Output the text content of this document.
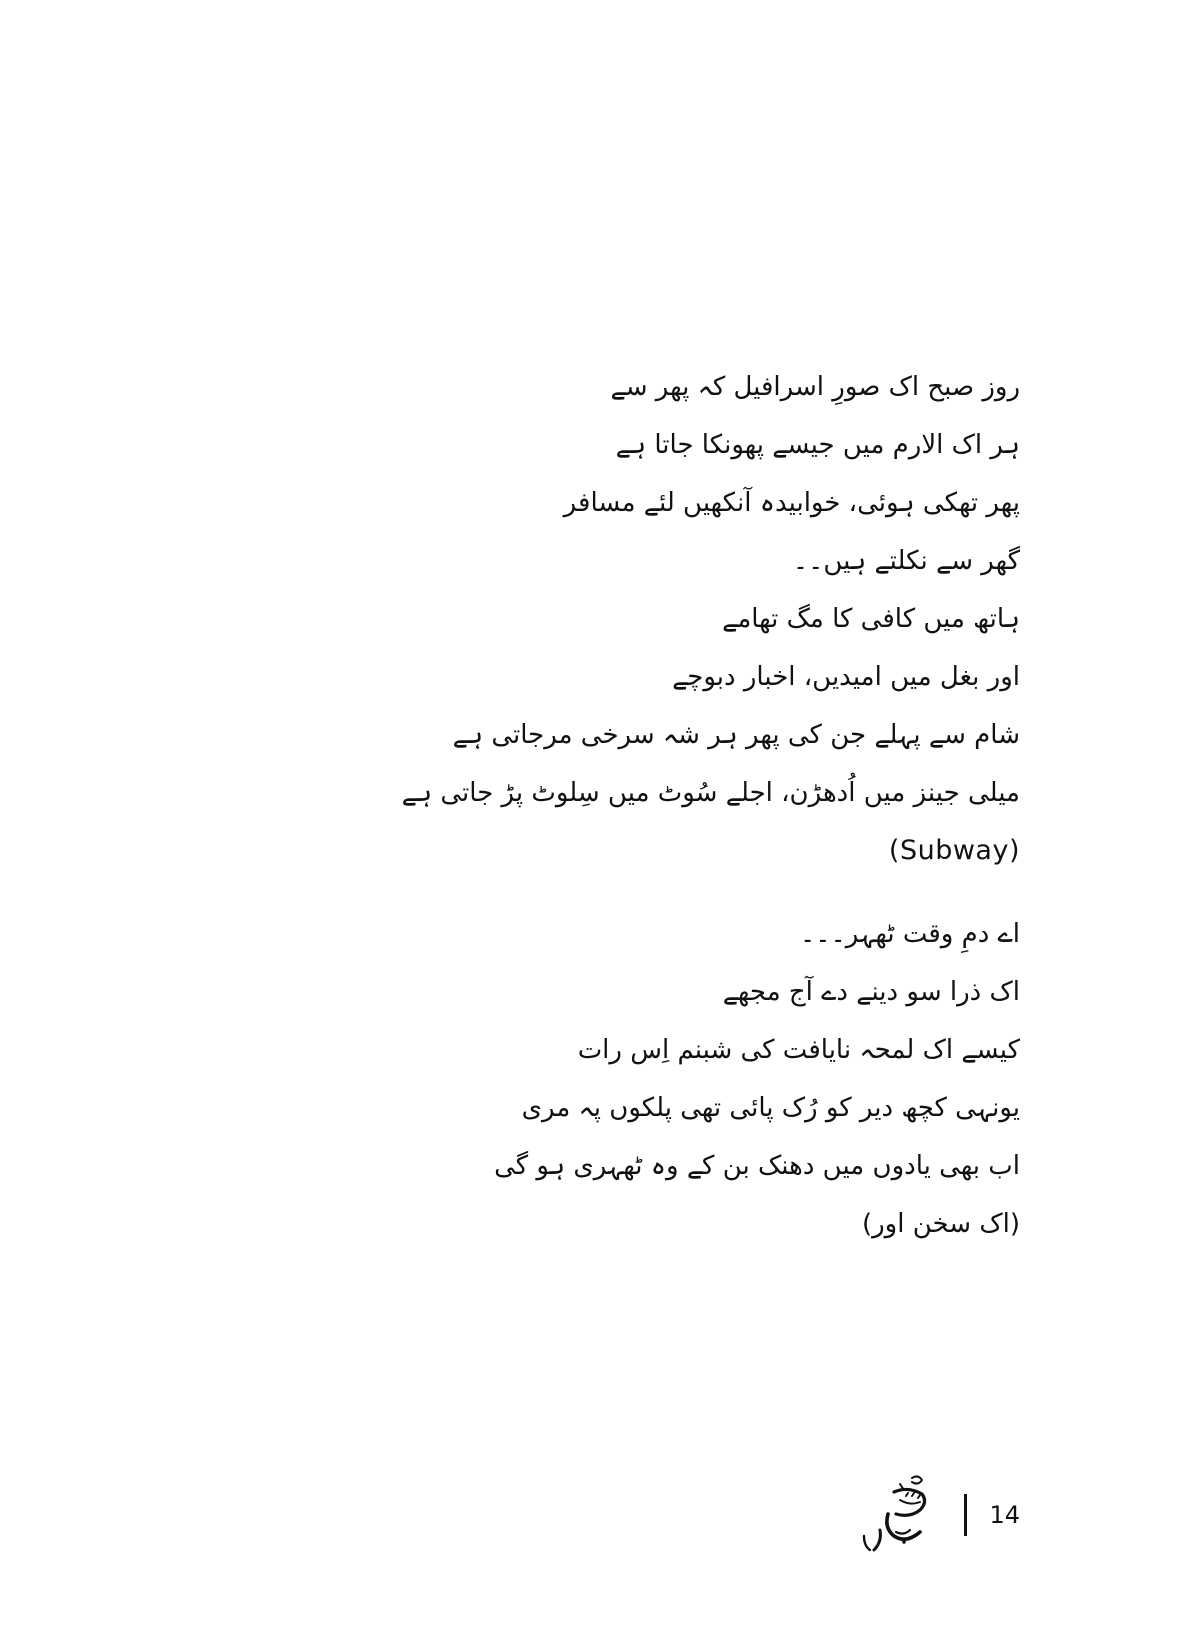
روز صبح اک صورِ اسرافیل کہ پھر سے
ہر اک الارم میں جیسے پھونکا جاتا ہے
پھر تھکی ہوئی، خوابیدہ آنکھیں لئے مسافر
گھر سے نکلتے ہیں۔۔
ہاتھ میں کافی کا مگ تھامے
اور بغل میں امیدیں، اخبار دبوچے
شام سے پہلے جن کی پھر ہر شہ سرخی مرجاتی ہے
میلی جینز میں اُدھڑن، اجلے سُوٹ میں سِلوٹ پڑ جاتی ہے
(Subway)
اے دمِ وقت ٹھہر۔۔۔
اک ذرا سو دینے دے آج مجھے
کیسے اک لمحہ نایافت کی شبنم اِس رات
یونہی کچھ دیر کو رُک پائی تھی پلکوں پہ مری
اب بھی یادوں میں دھنک بن کے وہ ٹھہری ہو گی
(اک سخن اور)
14
